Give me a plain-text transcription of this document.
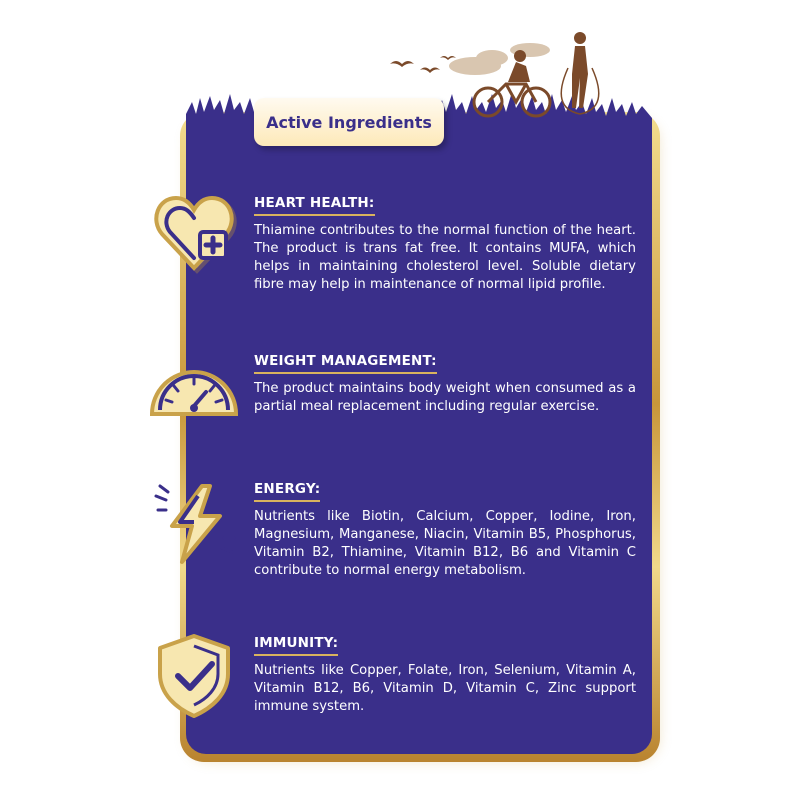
Active Ingredients
HEART HEALTH:

Thiamine contributes to the normal function of the heart. The product is trans fat free. It contains MUFA, which helps in maintaining cholesterol level. Soluble dietary fibre may help in maintenance of normal lipid profile.

WEIGHT MANAGEMENT:

The product maintains body weight when consumed as a partial meal replacement including regular exercise.

ENERGY:

Nutrients like Biotin, Calcium, Copper, Iodine, Iron, Magnesium, Manganese, Niacin, Vitamin B5, Phosphorus, Vitamin B2, Thiamine, Vitamin B12, B6 and Vitamin C contribute to normal energy metabolism.

IMMUNITY:

Nutrients like Copper, Folate, Iron, Selenium, Vitamin A, Vitamin B12, B6, Vitamin D, Vitamin C, Zinc support immune system.
